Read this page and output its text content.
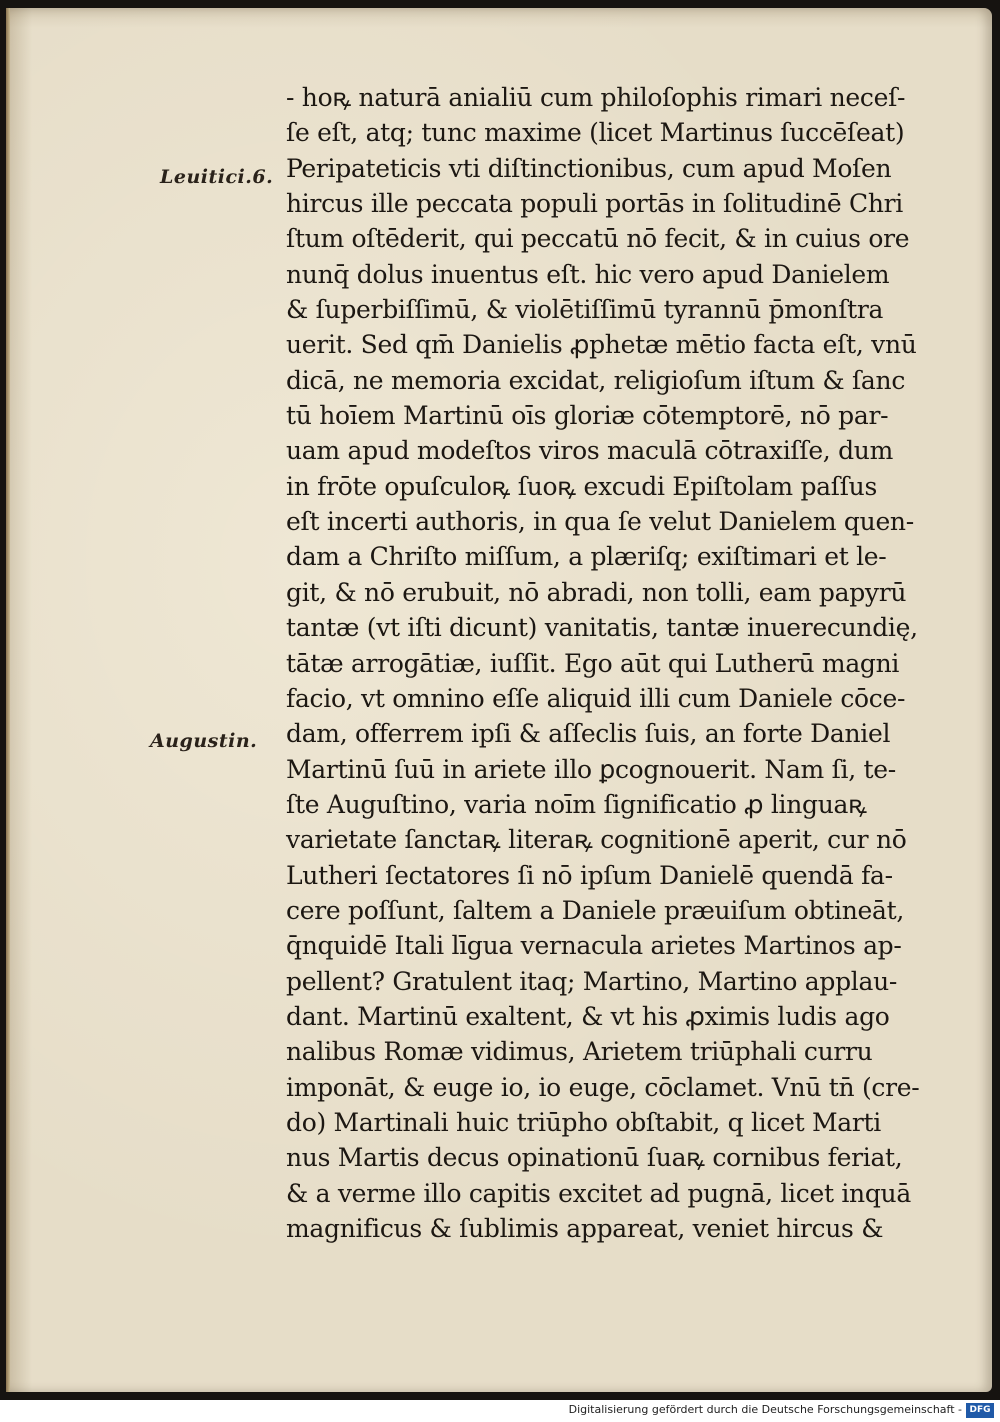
Leuitici.6.
Augustin.
- hoꝶ naturā anialiū cum philoſophis rimari neceſ-
ſe eſt, atq; tunc maxime (licet Martinus ſuccēſeat)
Peripateticis vti diſtinctionibus, cum apud Moſen
hircus ille peccata populi portās in ſolitudinē Chri
ſtum oſtēderit, qui peccatū nō fecit, & in cuius ore
nunq̄ dolus inuentus eſt. hic vero apud Danielem
& ſuperbiſſimū, & violētiſſimū tyrannū p̄monſtra
uerit. Sed qm̄ Danielis ꝓphetæ mētio facta eſt, vnū
dicā, ne memoria excidat, religioſum iſtum & ſanc
tū hoīem Martinū oīs gloriæ cōtemptorē, nō par-
uam apud modeſtos viros maculā cōtraxiſſe, dum
in frōte opuſculoꝶ ſuoꝶ excudi Epiſtolam paſſus
eſt incerti authoris, in qua ſe velut Danielem quen-
dam a Chriſto miſſum, a plæriſq; exiſtimari et le-
git, & nō erubuit, nō abradi, non tolli, eam papyrū
tantæ (vt iſti dicunt) vanitatis, tantæ inuerecundię,
tātæ arrogātiæ, iuſſit. Ego aūt qui Lutherū magni
facio, vt omnino eſſe aliquid illi cum Daniele cōce-
dam, offerrem ipſi & aſſeclis ſuis, an forte Daniel
Martinū ſuū in ariete illo ꝑcognouerit. Nam ſi, te-
ſte Auguſtino, varia noīm ſignificatio ꝓ linguaꝶ
varietate ſanctaꝶ literaꝶ cognitionē aperit, cur nō
Lutheri ſectatores ſi nō ipſum Danielē quendā fa-
cere poſſunt, ſaltem a Daniele præuiſum obtineāt,
q̄nquidē Itali līgua vernacula arietes Martinos ap-
pellent? Gratulent itaq; Martino, Martino applau-
dant. Martinū exaltent, & vt his ꝓximis ludis ago
nalibus Romæ vidimus, Arietem triūphali curru
imponāt, & euge io, io euge, cōclamet. Vnū tn̄ (cre-
do) Martinali huic triūpho obſtabit, q licet Marti
nus Martis decus opinationū ſuaꝶ cornibus feriat,
& a verme illo capitis excitet ad pugnā, licet inquā
magnificus & ſublimis appareat, veniet hircus &
Digitalisierung gefördert durch die Deutsche Forschungsgemeinschaft - DFG
